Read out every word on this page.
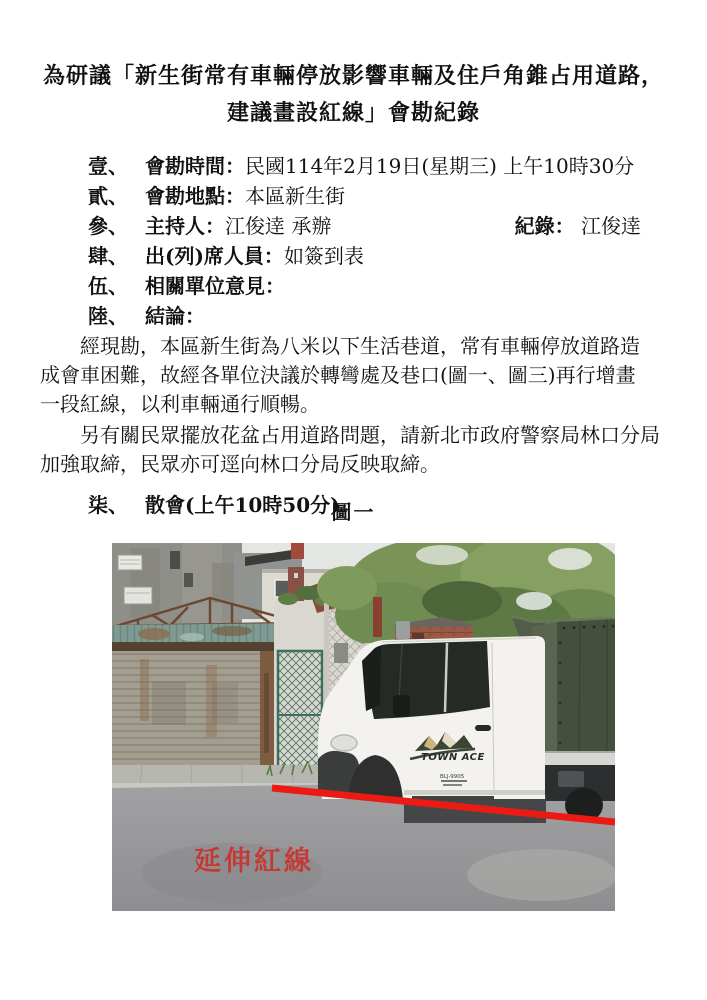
為研議「新生街常有車輛停放影響車輛及住戶角錐占用道路，
建議畫設紅線」會勘紀錄
壹、 會勘時間： 民國114年2月19日(星期三) 上午10時30分
貳、 會勘地點： 本區新生街
參、 主持人： 江俊逹 承辦	紀錄： 江俊逹
肆、 出(列)席人員： 如簽到表
伍、 相關單位意見：
陸、 結論：
經現勘，本區新生街為八米以下生活巷道，常有車輛停放道路造
成會車困難，故經各單位決議於轉彎處及巷口(圖一、圖三)再行增畫
一段紅線，以利車輛通行順暢。
另有關民眾擺放花盆占用道路問題，請新北市政府警察局林口分局
加強取締，民眾亦可逕向林口分局反映取締。
柒、 散會(上午10時50分)
圖一
TOWN ACE
BLJ-9905
延伸紅線
